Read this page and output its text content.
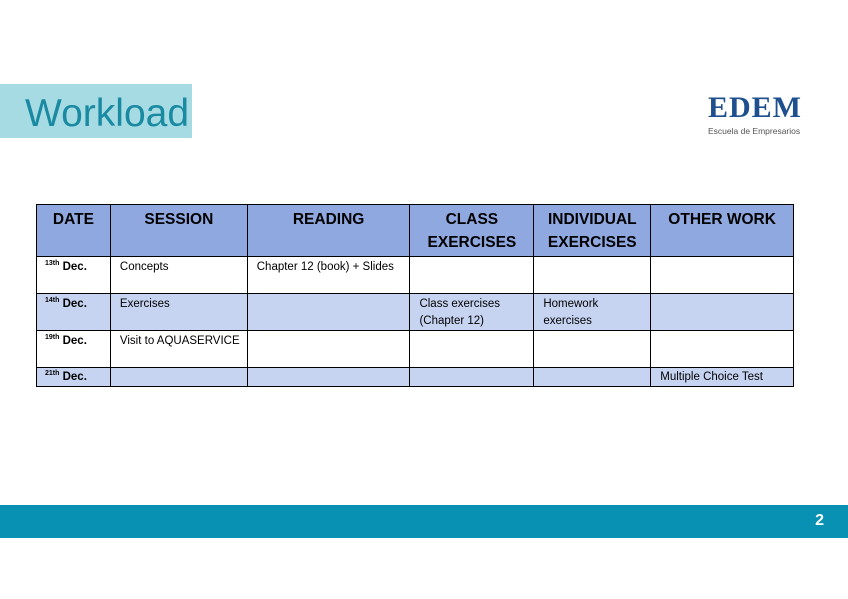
Workload	EDEM
Escuela de Empresarios
DATE	SESSION	READING	CLASS EXERCISES	INDIVIDUAL EXERCISES	OTHER WORK
$^{13th}$ Dec.	Concepts	Chapter 12 (book) + Slides			
$^{14th}$ Dec.	Exercises		Class exercises (Chapter 12)	Homework exercises	
$^{19th}$ Dec.	Visit to AQUASERVICE				
$^{21th}$ Dec.					Multiple Choice Test
2
